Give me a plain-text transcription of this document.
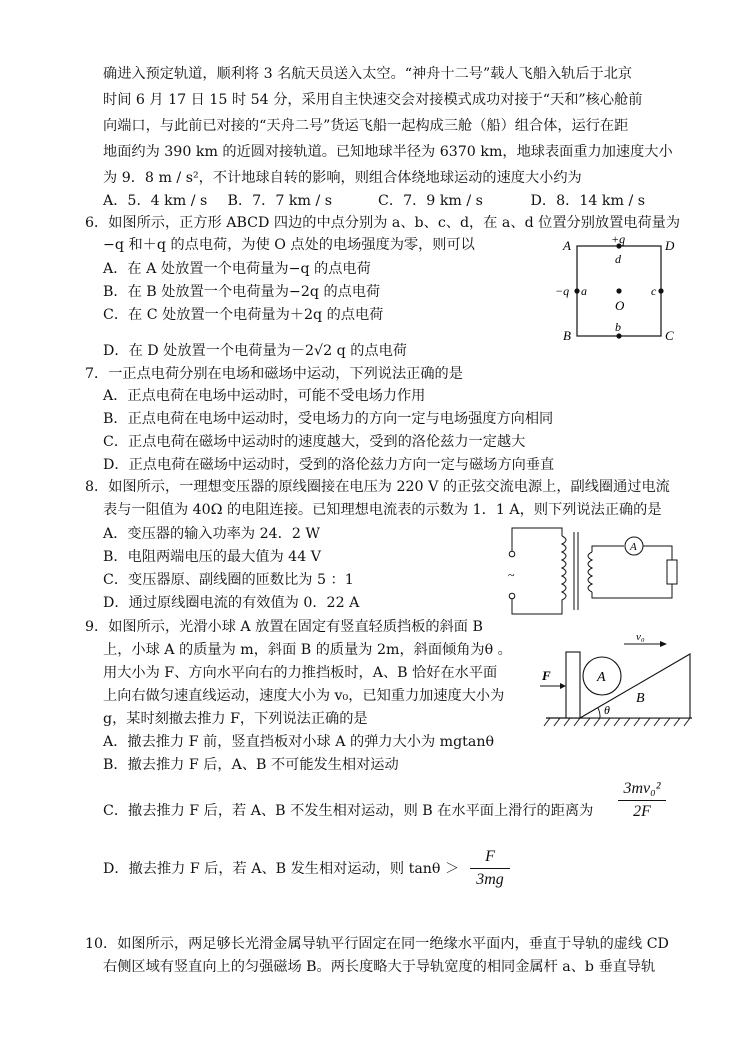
确进入预定轨道，顺利将 3 名航天员送入太空。“神舟十二号”载人飞船入轨后于北京
时间 6 月 17 日 15 时 54 分，采用自主快速交会对接模式成功对接于“天和”核心舱前
向端口，与此前已对接的“天舟二号”货运飞船一起构成三舱（船）组合体，运行在距
地面约为 390 km 的近圆对接轨道。已知地球半径为 6370 km，地球表面重力加速度大小
为 9．8 m / s²，不计地球自转的影响，则组合体绕地球运动的速度大小约为
A．5．4 km / s B．7．7 km / s	C．7．9 km / s	D．8．14 km / s
6．如图所示，正方形 ABCD 四边的中点分别为 a、b、c、d，在 a、d 位置分别放置电荷量为
−q 和＋q 的点电荷，为使 O 点处的电场强度为零，则可以
A．在 A 处放置一个电荷量为−q 的点电荷
B．在 B 处放置一个电荷量为−2q 的点电荷
C．在 C 处放置一个电荷量为＋2q 的点电荷
D．在 D 处放置一个电荷量为－2√2 q 的点电荷
A	D
B	C
+q
d
−q a
O
c
b
7．一正点电荷分别在电场和磁场中运动，下列说法正确的是
A．正点电荷在电场中运动时，可能不受电场力作用
B．正点电荷在电场中运动时，受电场力的方向一定与电场强度方向相同
C．正点电荷在磁场中运动时的速度越大，受到的洛伦兹力一定越大
D．正点电荷在磁场中运动时，受到的洛伦兹力方向一定与磁场方向垂直
8．如图所示，一理想变压器的原线圈接在电压为 220 V 的正弦交流电源上，副线圈通过电流
表与一阻值为 40Ω 的电阻连接。已知理想电流表的示数为 1．1 A，则下列说法正确的是
A．变压器的输入功率为 24．2 W
B．电阻两端电压的最大值为 44 V
C．变压器原、副线圈的匝数比为 5 ：1
D．通过原线圈电流的有效值为 0．22 A
~
A
9．如图所示，光滑小球 A 放置在固定有竖直轻质挡板的斜面 B
上，小球 A 的质量为 m，斜面 B 的质量为 2m，斜面倾角为θ 。
用大小为 F、方向水平向右的力推挡板时，A、B 恰好在水平面
上向右做匀速直线运动，速度大小为 v₀，已知重力加速度大小为
g，某时刻撤去推力 F，下列说法正确的是
A．撤去推力 F 前，竖直挡板对小球 A 的弹力大小为 mgtanθ
B．撤去推力 F 后，A、B 不可能发生相对运动
C．撤去推力 F 后，若 A、B 不发生相对运动，则 B 在水平面上滑行的距离为
3mv₀²
2F
D．撤去推力 F 后，若 A、B 发生相对运动，则 tanθ ＞
F
3mg
v₀
θ
B
A
F
10．如图所示，两足够长光滑金属导轨平行固定在同一绝缘水平面内，垂直于导轨的虚线 CD
右侧区域有竖直向上的匀强磁场 B。两长度略大于导轨宽度的相同金属杆 a、b 垂直导轨
